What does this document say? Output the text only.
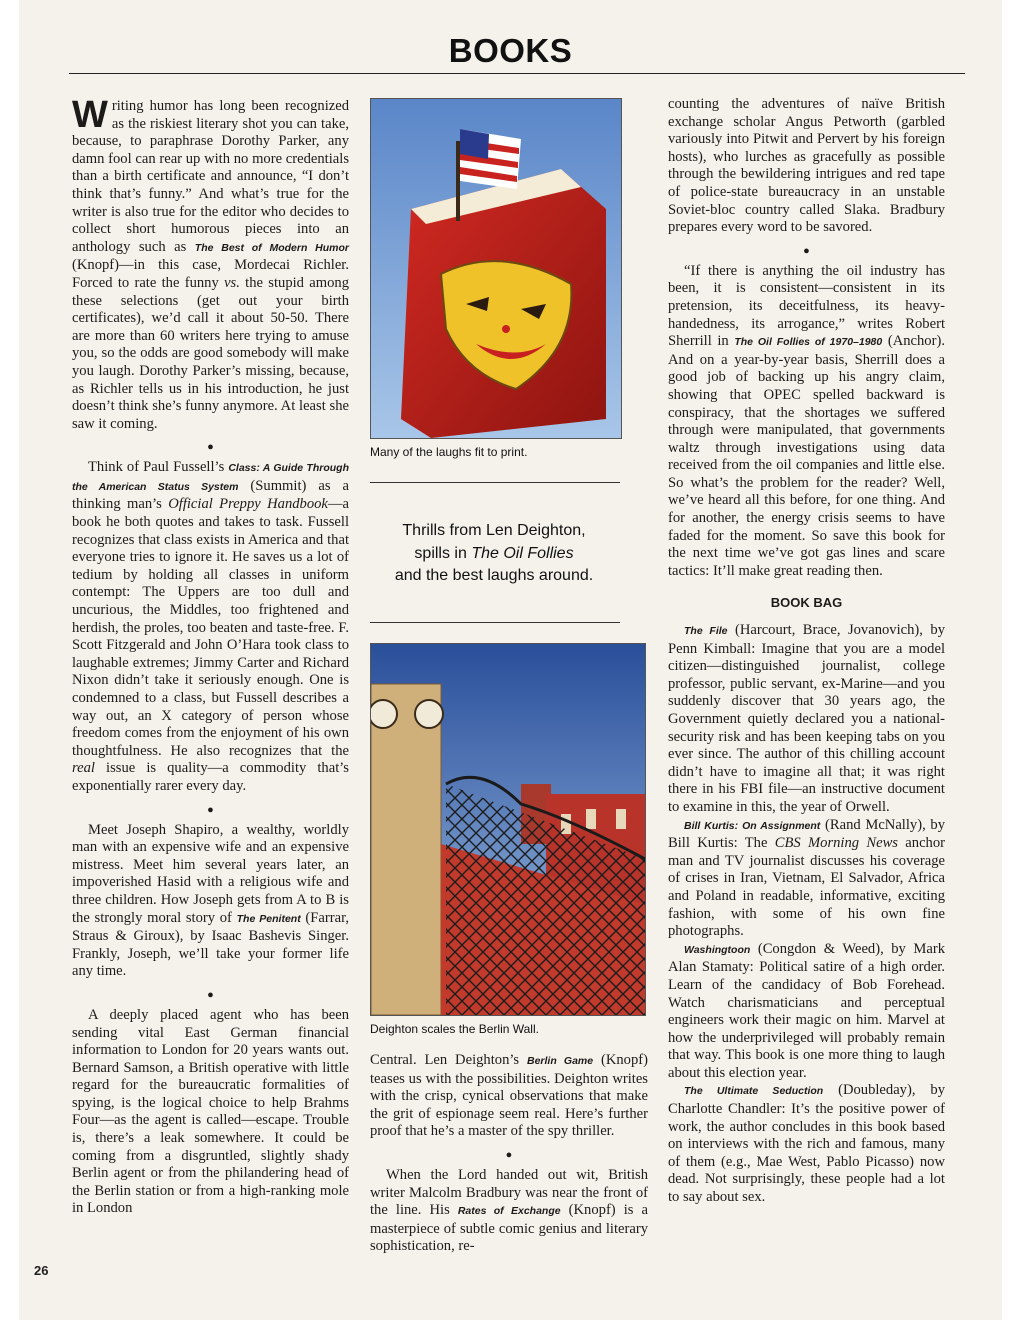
BOOKS

Writing humor has long been recognized as the riskiest literary shot you can take, because, to paraphrase Dorothy Parker, any damn fool can rear up with no more credentials than a birth certificate and announce, “I don’t think that’s funny.” And what’s true for the writer is also true for the editor who decides to collect short humorous pieces into an anthology such as The Best of Modern Humor (Knopf)—in this case, Mordecai Richler. Forced to rate the funny vs. the stupid among these selections (get out your birth certificates), we’d call it about 50-50. There are more than 60 writers here trying to amuse you, so the odds are good somebody will make you laugh. Dorothy Parker’s missing, because, as Richler tells us in his introduction, he just doesn’t think she’s funny anymore. At least she saw it coming.

●

Think of Paul Fussell’s Class: A Guide Through the American Status System (Summit) as a thinking man’s Official Preppy Handbook—a book he both quotes and takes to task. Fussell recognizes that class exists in America and that everyone tries to ignore it. He saves us a lot of tedium by holding all classes in uniform contempt: The Uppers are too dull and uncurious, the Middles, too frightened and herdish, the proles, too beaten and taste-free. F. Scott Fitzgerald and John O’Hara took class to laughable extremes; Jimmy Carter and Richard Nixon didn’t take it seriously enough. One is condemned to a class, but Fussell describes a way out, an X category of person whose freedom comes from the enjoyment of his own thoughtfulness. He also recognizes that the real issue is quality—a commodity that’s exponentially rarer every day.

●

Meet Joseph Shapiro, a wealthy, worldly man with an expensive wife and an expensive mistress. Meet him several years later, an impoverished Hasid with a religious wife and three children. How Joseph gets from A to B is the strongly moral story of The Penitent (Farrar, Straus & Giroux), by Isaac Bashevis Singer. Frankly, Joseph, we’ll take your former life any time.

●

A deeply placed agent who has been sending vital East German financial information to London for 20 years wants out. Bernard Samson, a British operative with little regard for the bureaucratic formalities of spying, is the logical choice to help Brahms Four—as the agent is called—escape. Trouble is, there’s a leak somewhere. It could be coming from a disgruntled, slightly shady Berlin agent or from the philandering head of the Berlin station or from a high-ranking mole in London

Many of the laughs fit to print.
Thrills from Len Deighton,
spills in The Oil Follies
and the best laughs around.
Deighton scales the Berlin Wall.

Central. Len Deighton’s Berlin Game (Knopf) teases us with the possibilities. Deighton writes with the crisp, cynical observations that make the grit of espionage seem real. Here’s further proof that he’s a master of the spy thriller.

●

When the Lord handed out wit, British writer Malcolm Bradbury was near the front of the line. His Rates of Exchange (Knopf) is a masterpiece of subtle comic genius and literary sophistication, re-

counting the adventures of naïve British exchange scholar Angus Petworth (garbled variously into Pitwit and Pervert by his foreign hosts), who lurches as gracefully as possible through the bewildering intrigues and red tape of police-state bureaucracy in an unstable Soviet-bloc country called Slaka. Bradbury prepares every word to be savored.

●

“If there is anything the oil industry has been, it is consistent—consistent in its pretension, its deceitfulness, its heavy-handedness, its arrogance,” writes Robert Sherrill in The Oil Follies of 1970–1980 (Anchor). And on a year-by-year basis, Sherrill does a good job of backing up his angry claim, showing that OPEC spelled backward is conspiracy, that the shortages we suffered through were manipulated, that governments waltz through investigations using data received from the oil companies and little else. So what’s the problem for the reader? Well, we’ve heard all this before, for one thing. And for another, the energy crisis seems to have faded for the moment. So save this book for the next time we’ve got gas lines and scare tactics: It’ll make great reading then.

BOOK BAG

The File (Harcourt, Brace, Jovanovich), by Penn Kimball: Imagine that you are a model citizen—distinguished journalist, college professor, public servant, ex-Marine—and you suddenly discover that 30 years ago, the Government quietly declared you a national-security risk and has been keeping tabs on you ever since. The author of this chilling account didn’t have to imagine all that; it was right there in his FBI file—an instructive document to examine in this, the year of Orwell.

Bill Kurtis: On Assignment (Rand McNally), by Bill Kurtis: The CBS Morning News anchor man and TV journalist discusses his coverage of crises in Iran, Vietnam, El Salvador, Africa and Poland in readable, informative, exciting fashion, with some of his own fine photographs.

Washingtoon (Congdon & Weed), by Mark Alan Stamaty: Political satire of a high order. Learn of the candidacy of Bob Forehead. Watch charismaticians and perceptual engineers work their magic on him. Marvel at how the underprivileged will probably remain that way. This book is one more thing to laugh about this election year.

The Ultimate Seduction (Doubleday), by Charlotte Chandler: It’s the positive power of work, the author concludes in this book based on interviews with the rich and famous, many of them (e.g., Mae West, Pablo Picasso) now dead. Not surprisingly, these people had a lot to say about sex.

26
